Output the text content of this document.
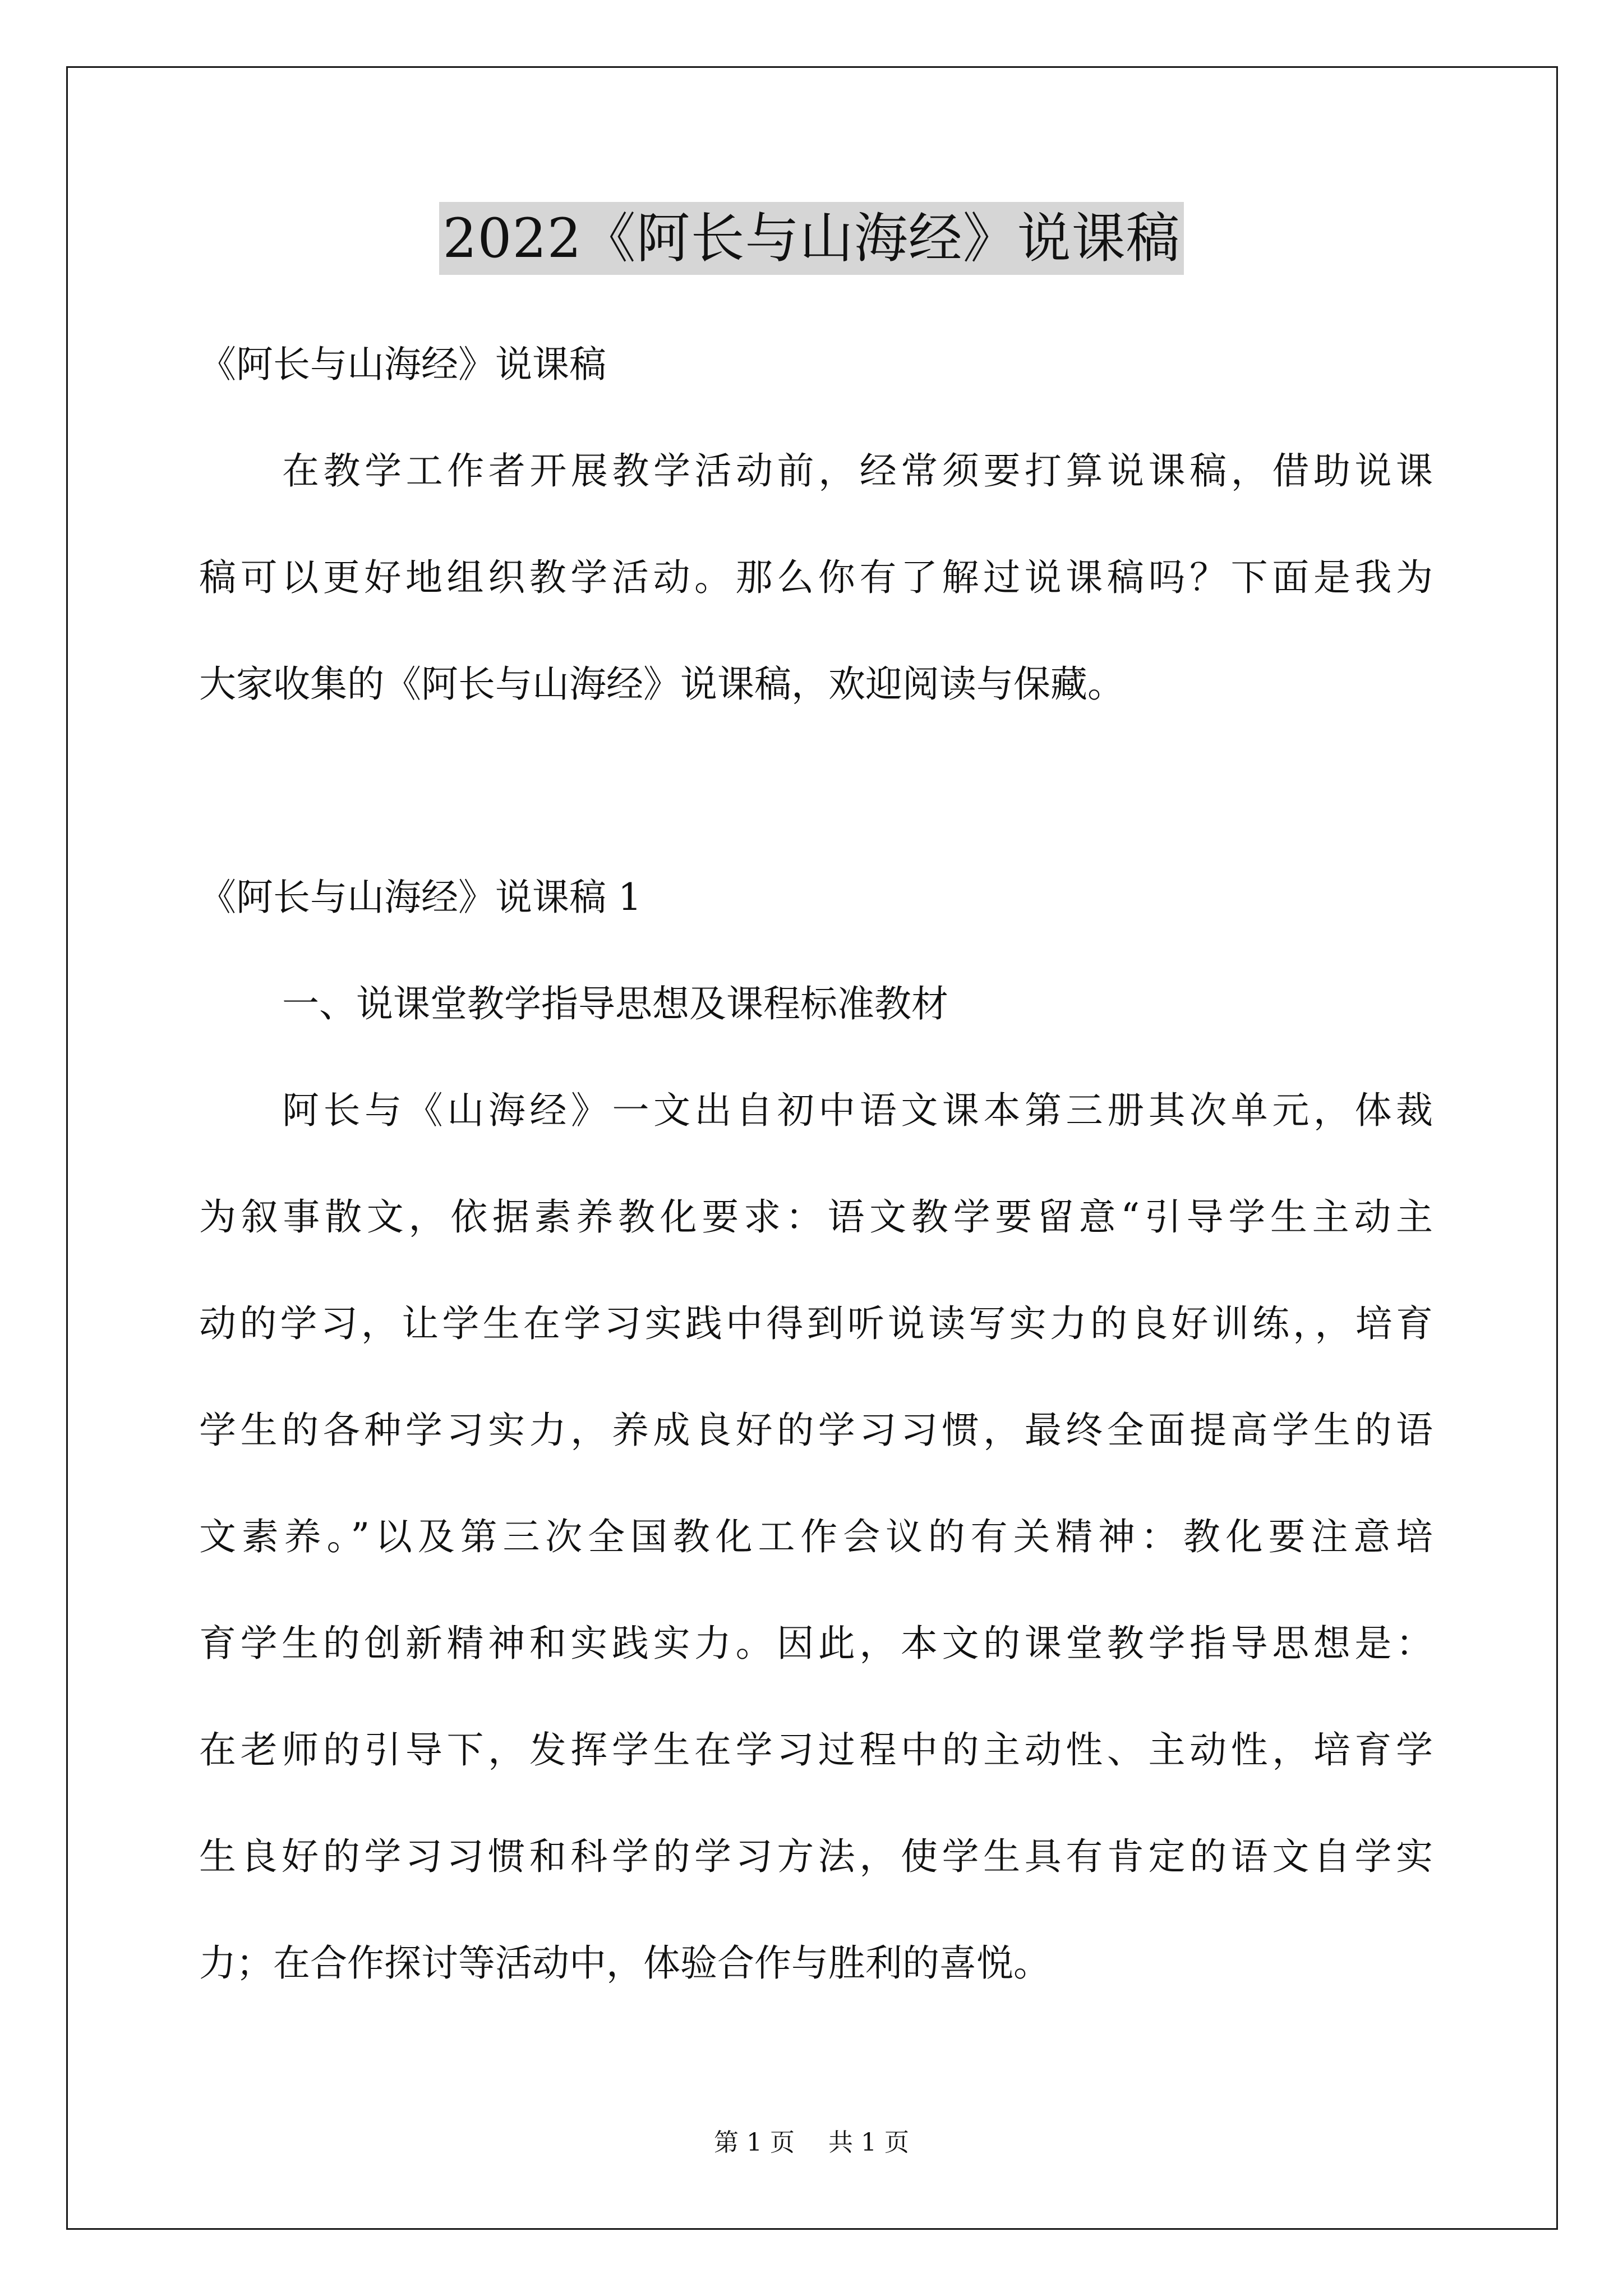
2022《阿长与山海经》说课稿
《阿长与山海经》说课稿
在教学工作者开展教学活动前，经常须要打算说课稿，借助说课
稿可以更好地组织教学活动。那么你有了解过说课稿吗？下面是我为
大家收集的《阿长与山海经》说课稿，欢迎阅读与保藏。
《阿长与山海经》说课稿 1
一、说课堂教学指导思想及课程标准教材
阿长与《山海经》一文出自初中语文课本第三册其次单元，体裁
为叙事散文，依据素养教化要求：语文教学要留意“引导学生主动主
动的学习，让学生在学习实践中得到听说读写实力的良好训练，，培育
学生的各种学习实力，养成良好的学习习惯，最终全面提高学生的语
文素养。”以及第三次全国教化工作会议的有关精神：教化要注意培
育学生的创新精神和实践实力。因此，本文的课堂教学指导思想是：
在老师的引导下，发挥学生在学习过程中的主动性、主动性，培育学
生良好的学习习惯和科学的学习方法，使学生具有肯定的语文自学实
力；在合作探讨等活动中，体验合作与胜利的喜悦。
第 1 页 共 1 页
